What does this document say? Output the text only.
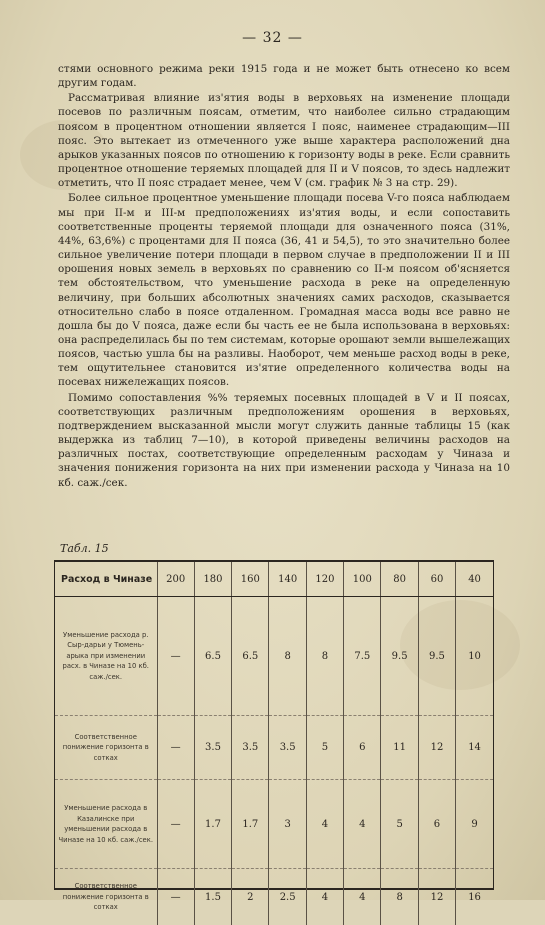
— 32 —

стями основного режима реки 1915 года и не может быть отнесено ко всем другим годам.

Рассматривая влияние из'ятия воды в верховьях на изменение площади посевов по различным поясам, отметим, что наиболее сильно страдающим поясом в процентном отношении является I пояс, наименее страдающим—III пояс. Это вытекает из отмеченного уже выше характера расположений дна арыков указанных поясов по отношению к горизонту воды в реке. Если сравнить процентное отношение теряемых площадей для II и V поясов, то здесь надлежит отметить, что II пояс страдает менее, чем V (см. график № 3 на стр. 29).

Более сильное процентное уменьшение площади посева V-го пояса наблюдаем мы при II-м и III-м предположениях из'ятия воды, и если сопоставить соответственные проценты теряемой площади для означенного пояса (31%, 44%, 63,6%) с процентами для II пояса (36, 41 и 54,5), то это значительно более сильное увеличение потери площади в первом случае в предположении II и III орошения новых земель в верховьях по сравнению со II-м поясом об'ясняется тем обстоятельством, что уменьшение расхода в реке на определенную величину, при больших абсолютных значениях самих расходов, сказывается относительно слабо в поясе отдаленном. Громадная масса воды все равно не дошла бы до V пояса, даже если бы часть ее не была использована в верховьях: она распределилась бы по тем системам, которые орошают земли вышележащих поясов, частью ушла бы на разливы. Наоборот, чем меньше расход воды в реке, тем ощутительнее становится из'ятие определенного количества воды на посевах нижележащих поясов.

Помимо сопоставления %% теряемых посевных площадей в V и II поясах, соответствующих различным предположениям орошения в верховьях, подтверждением высказанной мысли могут служить данные таблицы 15 (как выдержка из таблиц 7—10), в которой приведены величины расходов на различных постах, соответствующие определенным расходам у Чиназа и значения понижения горизонта на них при изменении расхода у Чиназа на 10 кб. саж./сек.

Табл. 15
Расход в Чиназе	200	180	160	140	120	100	80	60	40
Уменьшение расхода р. Сыр-дарьи у Тюмень-арыка при изменении расх. в Чиназе на 10 кб. саж./сек.	—	6.5	6.5	8	8	7.5	9.5	9.5	10
Соответственное понижение горизонта в сотках	—	3.5	3.5	3.5	5	6	11	12	14
Уменьшение расхода в Казалинске при уменьшении расхода в Чиназе на 10 кб. саж./сек.	—	1.7	1.7	3	4	4	5	6	9
Соответственное понижение горизонта в сотках	—	1.5	2	2.5	4	4	8	12	16
